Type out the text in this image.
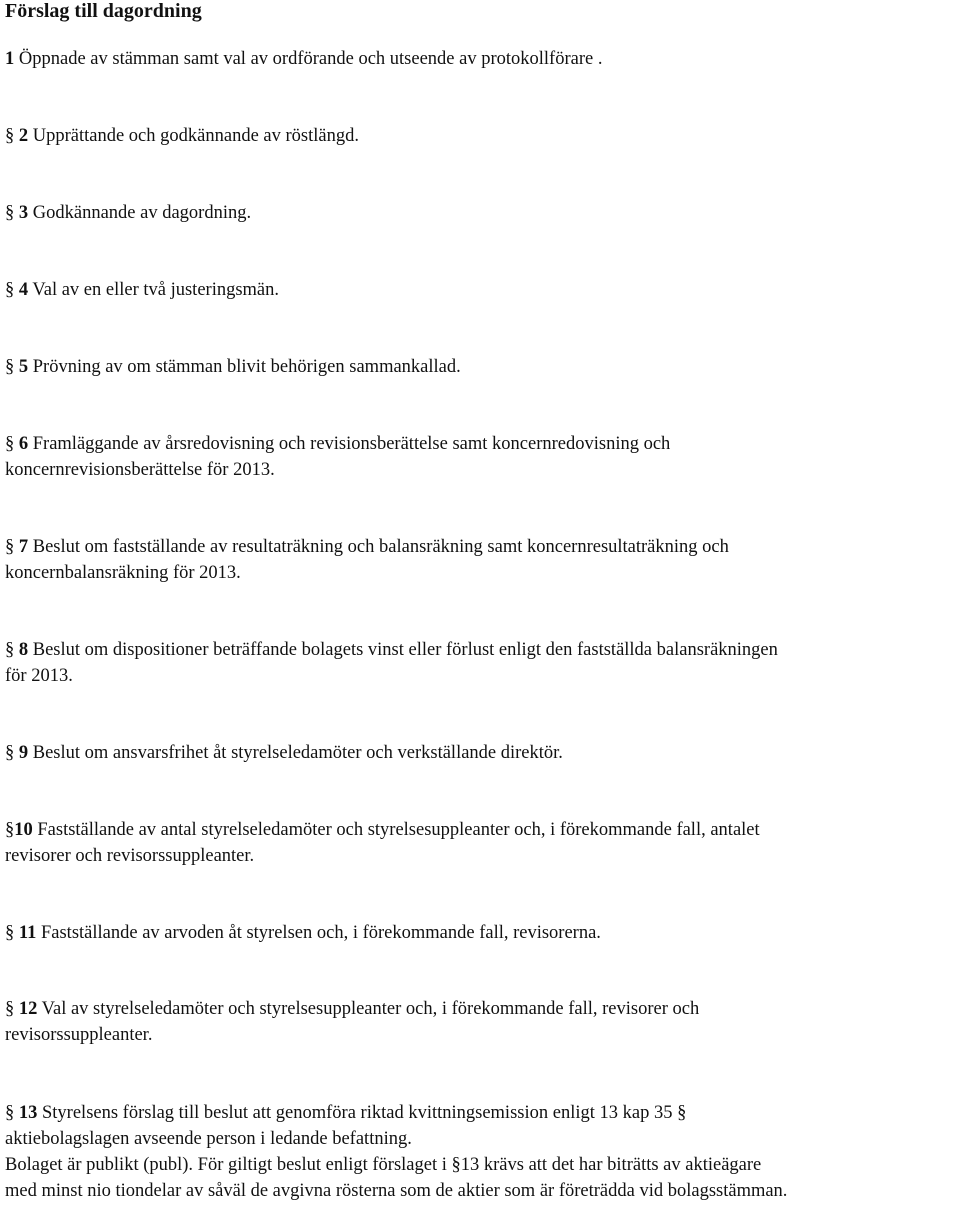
Förslag till dagordning

1 Öppnade av stämman samt val av ordförande och utseende av protokollförare .

§ 2 Upprättande och godkännande av röstlängd.

§ 3 Godkännande av dagordning.

§ 4 Val av en eller två justeringsmän.

§ 5 Prövning av om stämman blivit behörigen sammankallad.

§ 6 Framläggande av årsredovisning och revisionsberättelse samt koncernredovisning och
koncernrevisionsberättelse för 2013.

§ 7 Beslut om fastställande av resultaträkning och balansräkning samt koncernresultaträkning och
koncernbalansräkning för 2013.

§ 8 Beslut om dispositioner beträffande bolagets vinst eller förlust enligt den fastställda balansräkningen
för 2013.

§ 9 Beslut om ansvarsfrihet åt styrelseledamöter och verkställande direktör.

§10 Fastställande av antal styrelseledamöter och styrelsesuppleanter och, i förekommande fall, antalet
revisorer och revisorssuppleanter.

§ 11 Fastställande av arvoden åt styrelsen och, i förekommande fall, revisorerna.

§ 12 Val av styrelseledamöter och styrelsesuppleanter och, i förekommande fall, revisorer och
revisorssuppleanter.

§ 13 Styrelsens förslag till beslut att genomföra riktad kvittningsemission enligt 13 kap 35 §
aktiebolagslagen avseende person i ledande befattning.

Bolaget är publikt (publ). För giltigt beslut enligt förslaget i §13 krävs att det har biträtts av aktieägare
med minst nio tiondelar av såväl de avgivna rösterna som de aktier som är företrädda vid bolagsstämman.
